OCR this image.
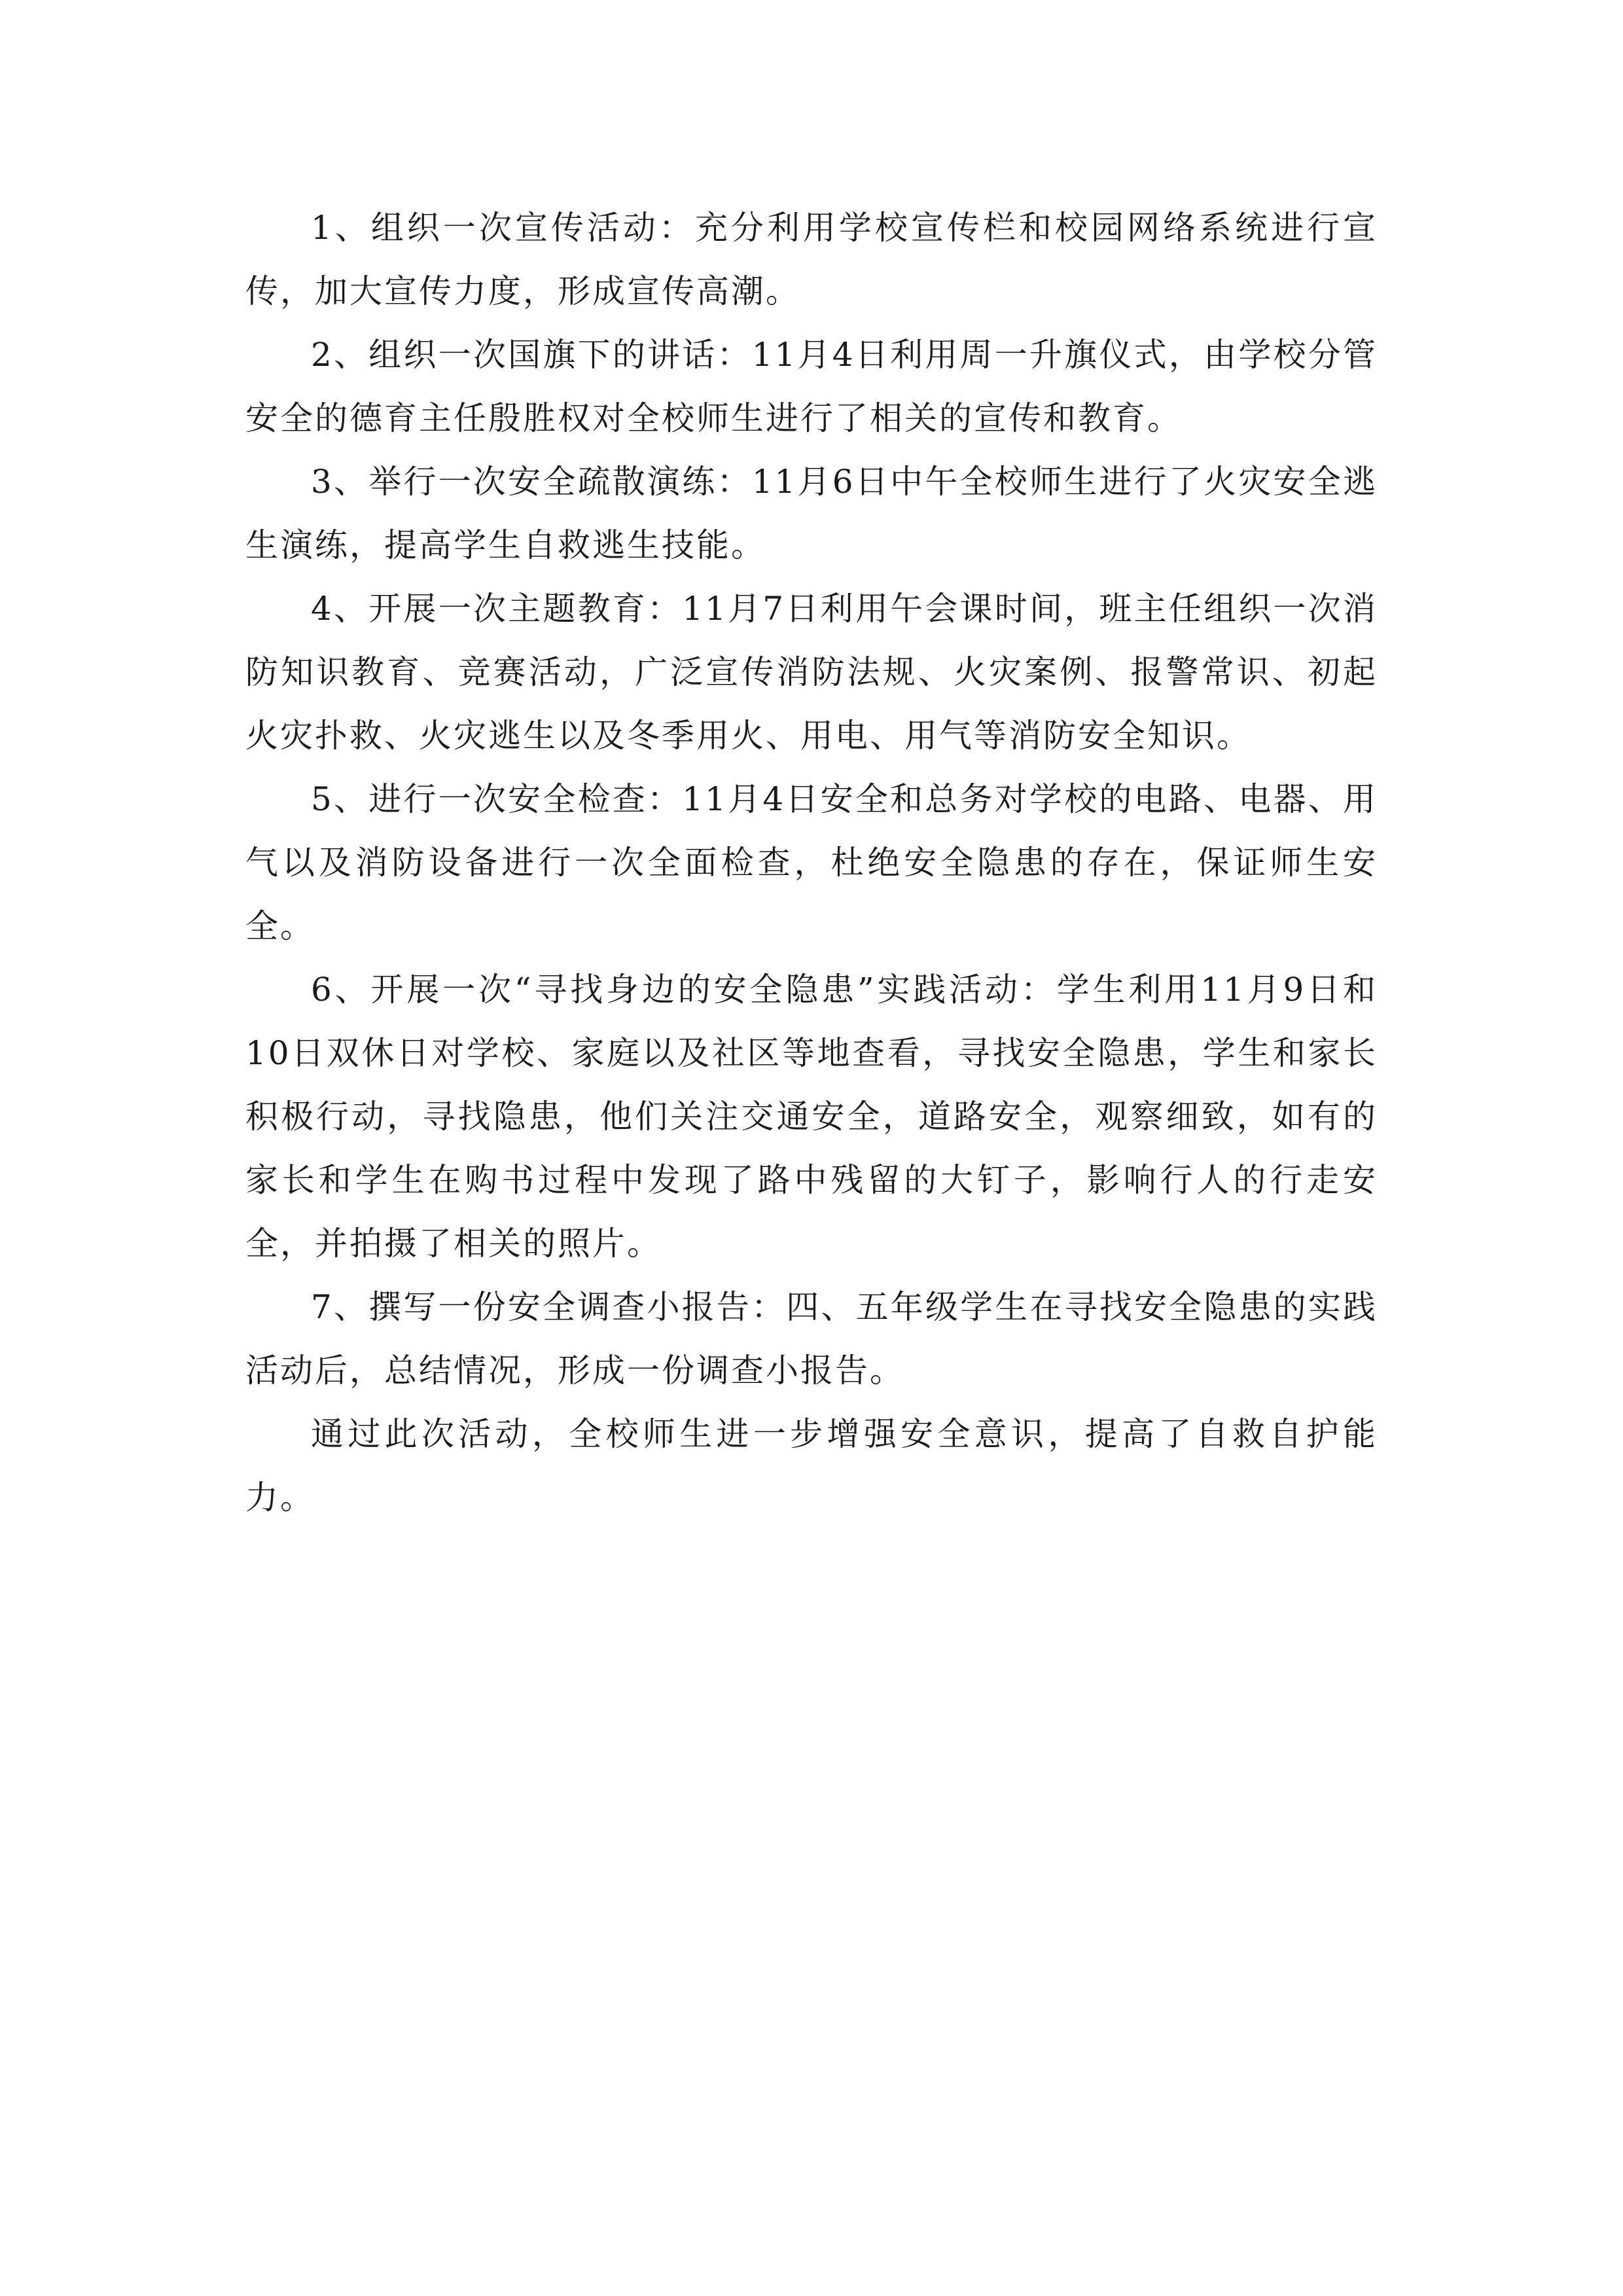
1、组织一次宣传活动：充分利用学校宣传栏和校园网络系统进行宣传，加大宣传力度，形成宣传高潮。

2、组织一次国旗下的讲话：11月4日利用周一升旗仪式，由学校分管安全的德育主任殷胜权对全校师生进行了相关的宣传和教育。

3、举行一次安全疏散演练：11月6日中午全校师生进行了火灾安全逃生演练，提高学生自救逃生技能。

4、开展一次主题教育：11月7日利用午会课时间，班主任组织一次消防知识教育、竞赛活动，广泛宣传消防法规、火灾案例、报警常识、初起火灾扑救、火灾逃生以及冬季用火、用电、用气等消防安全知识。

5、进行一次安全检查：11月4日安全和总务对学校的电路、电器、用气以及消防设备进行一次全面检查，杜绝安全隐患的存在，保证师生安全。

6、开展一次“寻找身边的安全隐患”实践活动：学生利用11月9日和10日双休日对学校、家庭以及社区等地查看，寻找安全隐患，学生和家长积极行动，寻找隐患，他们关注交通安全，道路安全，观察细致，如有的家长和学生在购书过程中发现了路中残留的大钉子，影响行人的行走安全，并拍摄了相关的照片。

7、撰写一份安全调查小报告：四、五年级学生在寻找安全隐患的实践活动后，总结情况，形成一份调查小报告。

通过此次活动，全校师生进一步增强安全意识，提高了自救自护能力。
